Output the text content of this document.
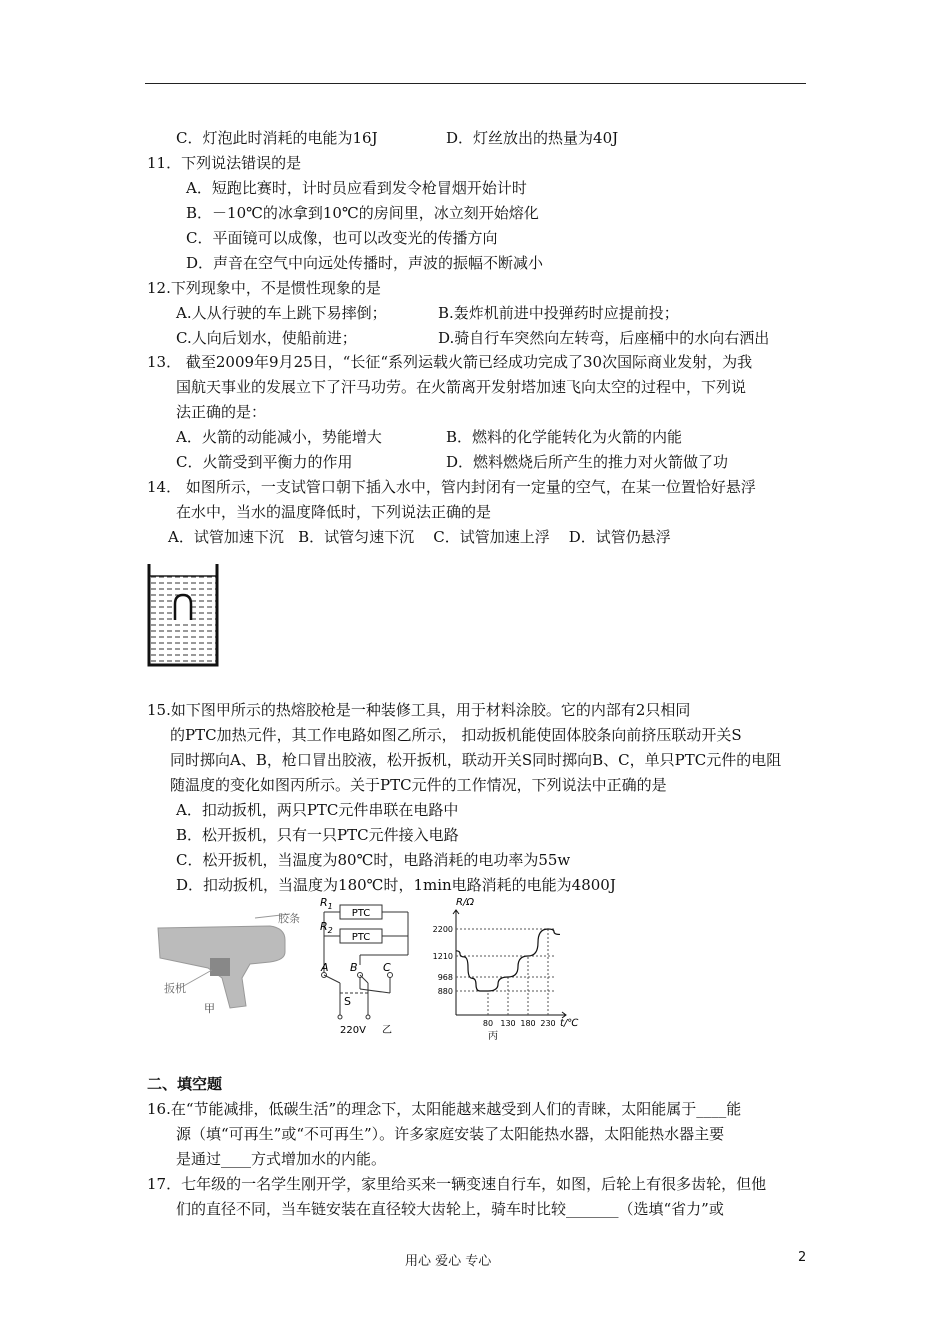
C．灯泡此时消耗的电能为16J	D．灯丝放出的热量为40J
11．下列说法错误的是
A．短跑比赛时，计时员应看到发令枪冒烟开始计时
B．－10℃的冰拿到10℃的房间里，冰立刻开始熔化
C．平面镜可以成像，也可以改变光的传播方向
D．声音在空气中向远处传播时，声波的振幅不断减小
12.下列现象中，不是惯性现象的是
A.人从行驶的车上跳下易摔倒；	B.轰炸机前进中投弹药时应提前投；
C.人向后划水，使船前进；	D.骑自行车突然向左转弯，后座桶中的水向右洒出
13． 截至2009年9月25日，“长征“系列运载火箭已经成功完成了30次国际商业发射，为我
国航天事业的发展立下了汗马功劳。在火箭离开发射塔加速飞向太空的过程中，下列说
法正确的是：
A．火箭的动能减小，势能增大	B．燃料的化学能转化为火箭的内能
C．火箭受到平衡力的作用	D．燃料燃烧后所产生的推力对火箭做了功
14． 如图所示，一支试管口朝下插入水中，管内封闭有一定量的空气，在某一位置恰好悬浮
在水中，当水的温度降低时，下列说法正确的是
A．试管加速下沉   B．试管匀速下沉    C．试管加速上浮    D．试管仍悬浮
15.如下图甲所示的热熔胶枪是一种装修工具，用于材料涂胶。它的内部有2只相同
的PTC加热元件，其工作电路如图乙所示， 扣动扳机能使固体胶条向前挤压联动开关S
同时掷向A、B，枪口冒出胶液，松开扳机，联动开关S同时掷向B、C，单只PTC元件的电阻
随温度的变化如图丙所示。关于PTC元件的工作情况，下列说法中正确的是
A．扣动扳机，两只PTC元件串联在电路中
B．松开扳机，只有一只PTC元件接入电路
C．松开扳机，当温度为80℃时，电路消耗的电功率为55w
D．扣动扳机，当温度为180℃时，1min电路消耗的电能为4800J
胶条
扳机
甲
PTC
PTC
$R_1$
$R_2$
A B C
S
220V 乙
2200
1210
968
880
80 130 180 230
R/Ω
t/℃
丙
二、填空题
16.在“节能减排，低碳生活”的理念下，太阳能越来越受到人们的青睐，太阳能属于____能
源（填“可再生”或“不可再生”）。许多家庭安装了太阳能热水器，太阳能热水器主要
是通过____方式增加水的内能。
17．七年级的一名学生刚开学，家里给买来一辆变速自行车，如图，后轮上有很多齿轮，但他
们的直径不同，当车链安装在直径较大齿轮上，骑车时比较_______（选填“省力”或
用心 爱心 专心	2
